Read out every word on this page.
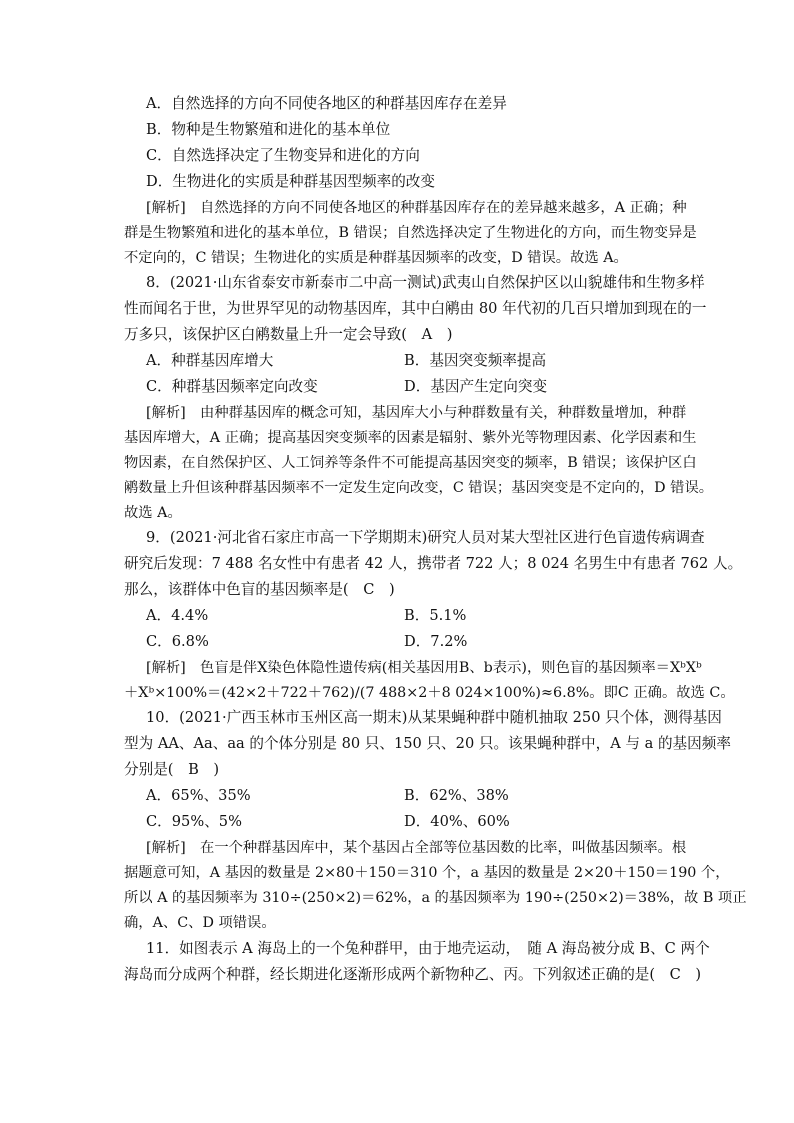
A．自然选择的方向不同使各地区的种群基因库存在差异
B．物种是生物繁殖和进化的基本单位
C．自然选择决定了生物变异和进化的方向
D．生物进化的实质是种群基因型频率的改变
[解析]　自然选择的方向不同使各地区的种群基因库存在的差异越来越多，A 正确；种
群是生物繁殖和进化的基本单位，B 错误；自然选择决定了生物进化的方向，而生物变异是
不定向的，C 错误；生物进化的实质是种群基因频率的改变，D 错误。故选 A。
8．(2021·山东省泰安市新泰市二中高一测试)武夷山自然保护区以山貌雄伟和生物多样
性而闻名于世，为世界罕见的动物基因库，其中白鹇由 80 年代初的几百只增加到现在的一
万多只，该保护区白鹇数量上升一定会导致(　A　)
A．种群基因库增大	B．基因突变频率提高
C．种群基因频率定向改变	D．基因产生定向突变
[解析]　由种群基因库的概念可知，基因库大小与种群数量有关，种群数量增加，种群
基因库增大，A 正确；提高基因突变频率的因素是辐射、紫外光等物理因素、化学因素和生
物因素，在自然保护区、人工饲养等条件不可能提高基因突变的频率，B 错误；该保护区白
鹇数量上升但该种群基因频率不一定发生定向改变，C 错误；基因突变是不定向的，D 错误。
故选 A。
9．(2021·河北省石家庄市高一下学期期末)研究人员对某大型社区进行色盲遗传病调查
研究后发现：7 488 名女性中有患者 42 人，携带者 722 人；8 024 名男生中有患者 762 人。
那么，该群体中色盲的基因频率是(　C　)
A．4.4%	B．5.1%
C．6.8%	D．7.2%
[解析]　色盲是伴X染色体隐性遗传病(相关基因用B、b表示)，则色盲的基因频率＝XᵇXᵇ
＋Xᵇ×100%＝(42×2＋722＋762)/(7 488×2＋8 024×100%)≈6.8%。即C 正确。故选 C。
10．(2021·广西玉林市玉州区高一期末)从某果蝇种群中随机抽取 250 只个体，测得基因
型为 AA、Aa、aa 的个体分别是 80 只、150 只、20 只。该果蝇种群中，A 与 a 的基因频率
分别是(　B　)
A．65%、35%	B．62%、38%
C．95%、5%	D．40%、60%
[解析]　在一个种群基因库中，某个基因占全部等位基因数的比率，叫做基因频率。根
据题意可知，A 基因的数量是 2×80＋150＝310 个，a 基因的数量是 2×20＋150＝190 个，
所以 A 的基因频率为 310÷(250×2)＝62%，a 的基因频率为 190÷(250×2)＝38%，故 B 项正
确，A、C、D 项错误。
11．如图表示 A 海岛上的一个兔种群甲，由于地壳运动，　随 A 海岛被分成 B、C 两个
海岛而分成两个种群，经长期进化逐渐形成两个新物种乙、丙。下列叙述正确的是(　C　)
